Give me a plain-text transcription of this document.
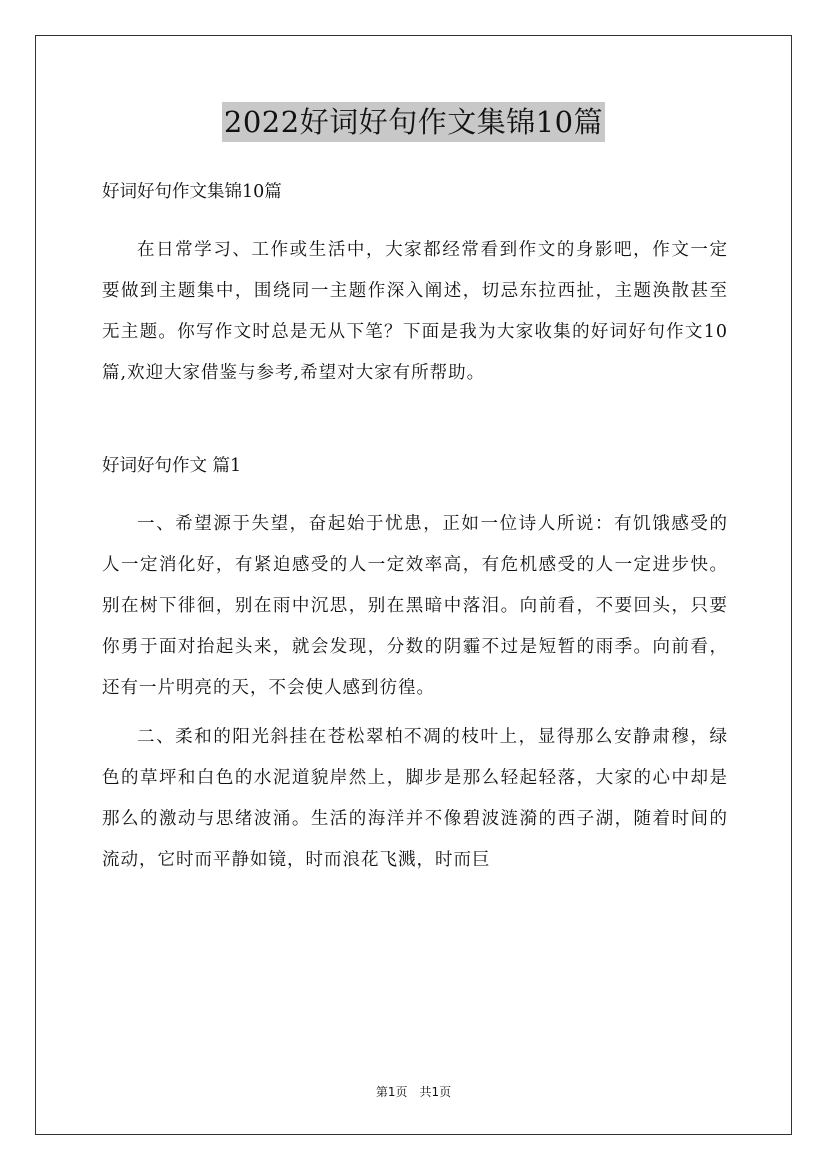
2022好词好句作文集锦10篇

好词好句作文集锦10篇

在日常学习、工作或生活中，大家都经常看到作文的身影吧，作文一定要做到主题集中，围绕同一主题作深入阐述，切忌东拉西扯，主题涣散甚至无主题。你写作文时总是无从下笔？下面是我为大家收集的好词好句作文10篇,欢迎大家借鉴与参考,希望对大家有所帮助。

好词好句作文 篇1

一、希望源于失望，奋起始于忧患，正如一位诗人所说：有饥饿感受的人一定消化好，有紧迫感受的人一定效率高，有危机感受的人一定进步快。 别在树下徘徊，别在雨中沉思，别在黑暗中落泪。向前看，不要回头，只要你勇于面对抬起头来，就会发现，分数的阴霾不过是短暂的雨季。向前看，还有一片明亮的天，不会使人感到彷徨。

二、柔和的阳光斜挂在苍松翠柏不凋的枝叶上，显得那么安静肃穆，绿色的草坪和白色的水泥道貌岸然上，脚步是那么轻起轻落，大家的心中却是那么的激动与思绪波涌。生活的海洋并不像碧波涟漪的西子湖，随着时间的流动，它时而平静如镜，时而浪花飞溅，时而巨

第1页　共1页
